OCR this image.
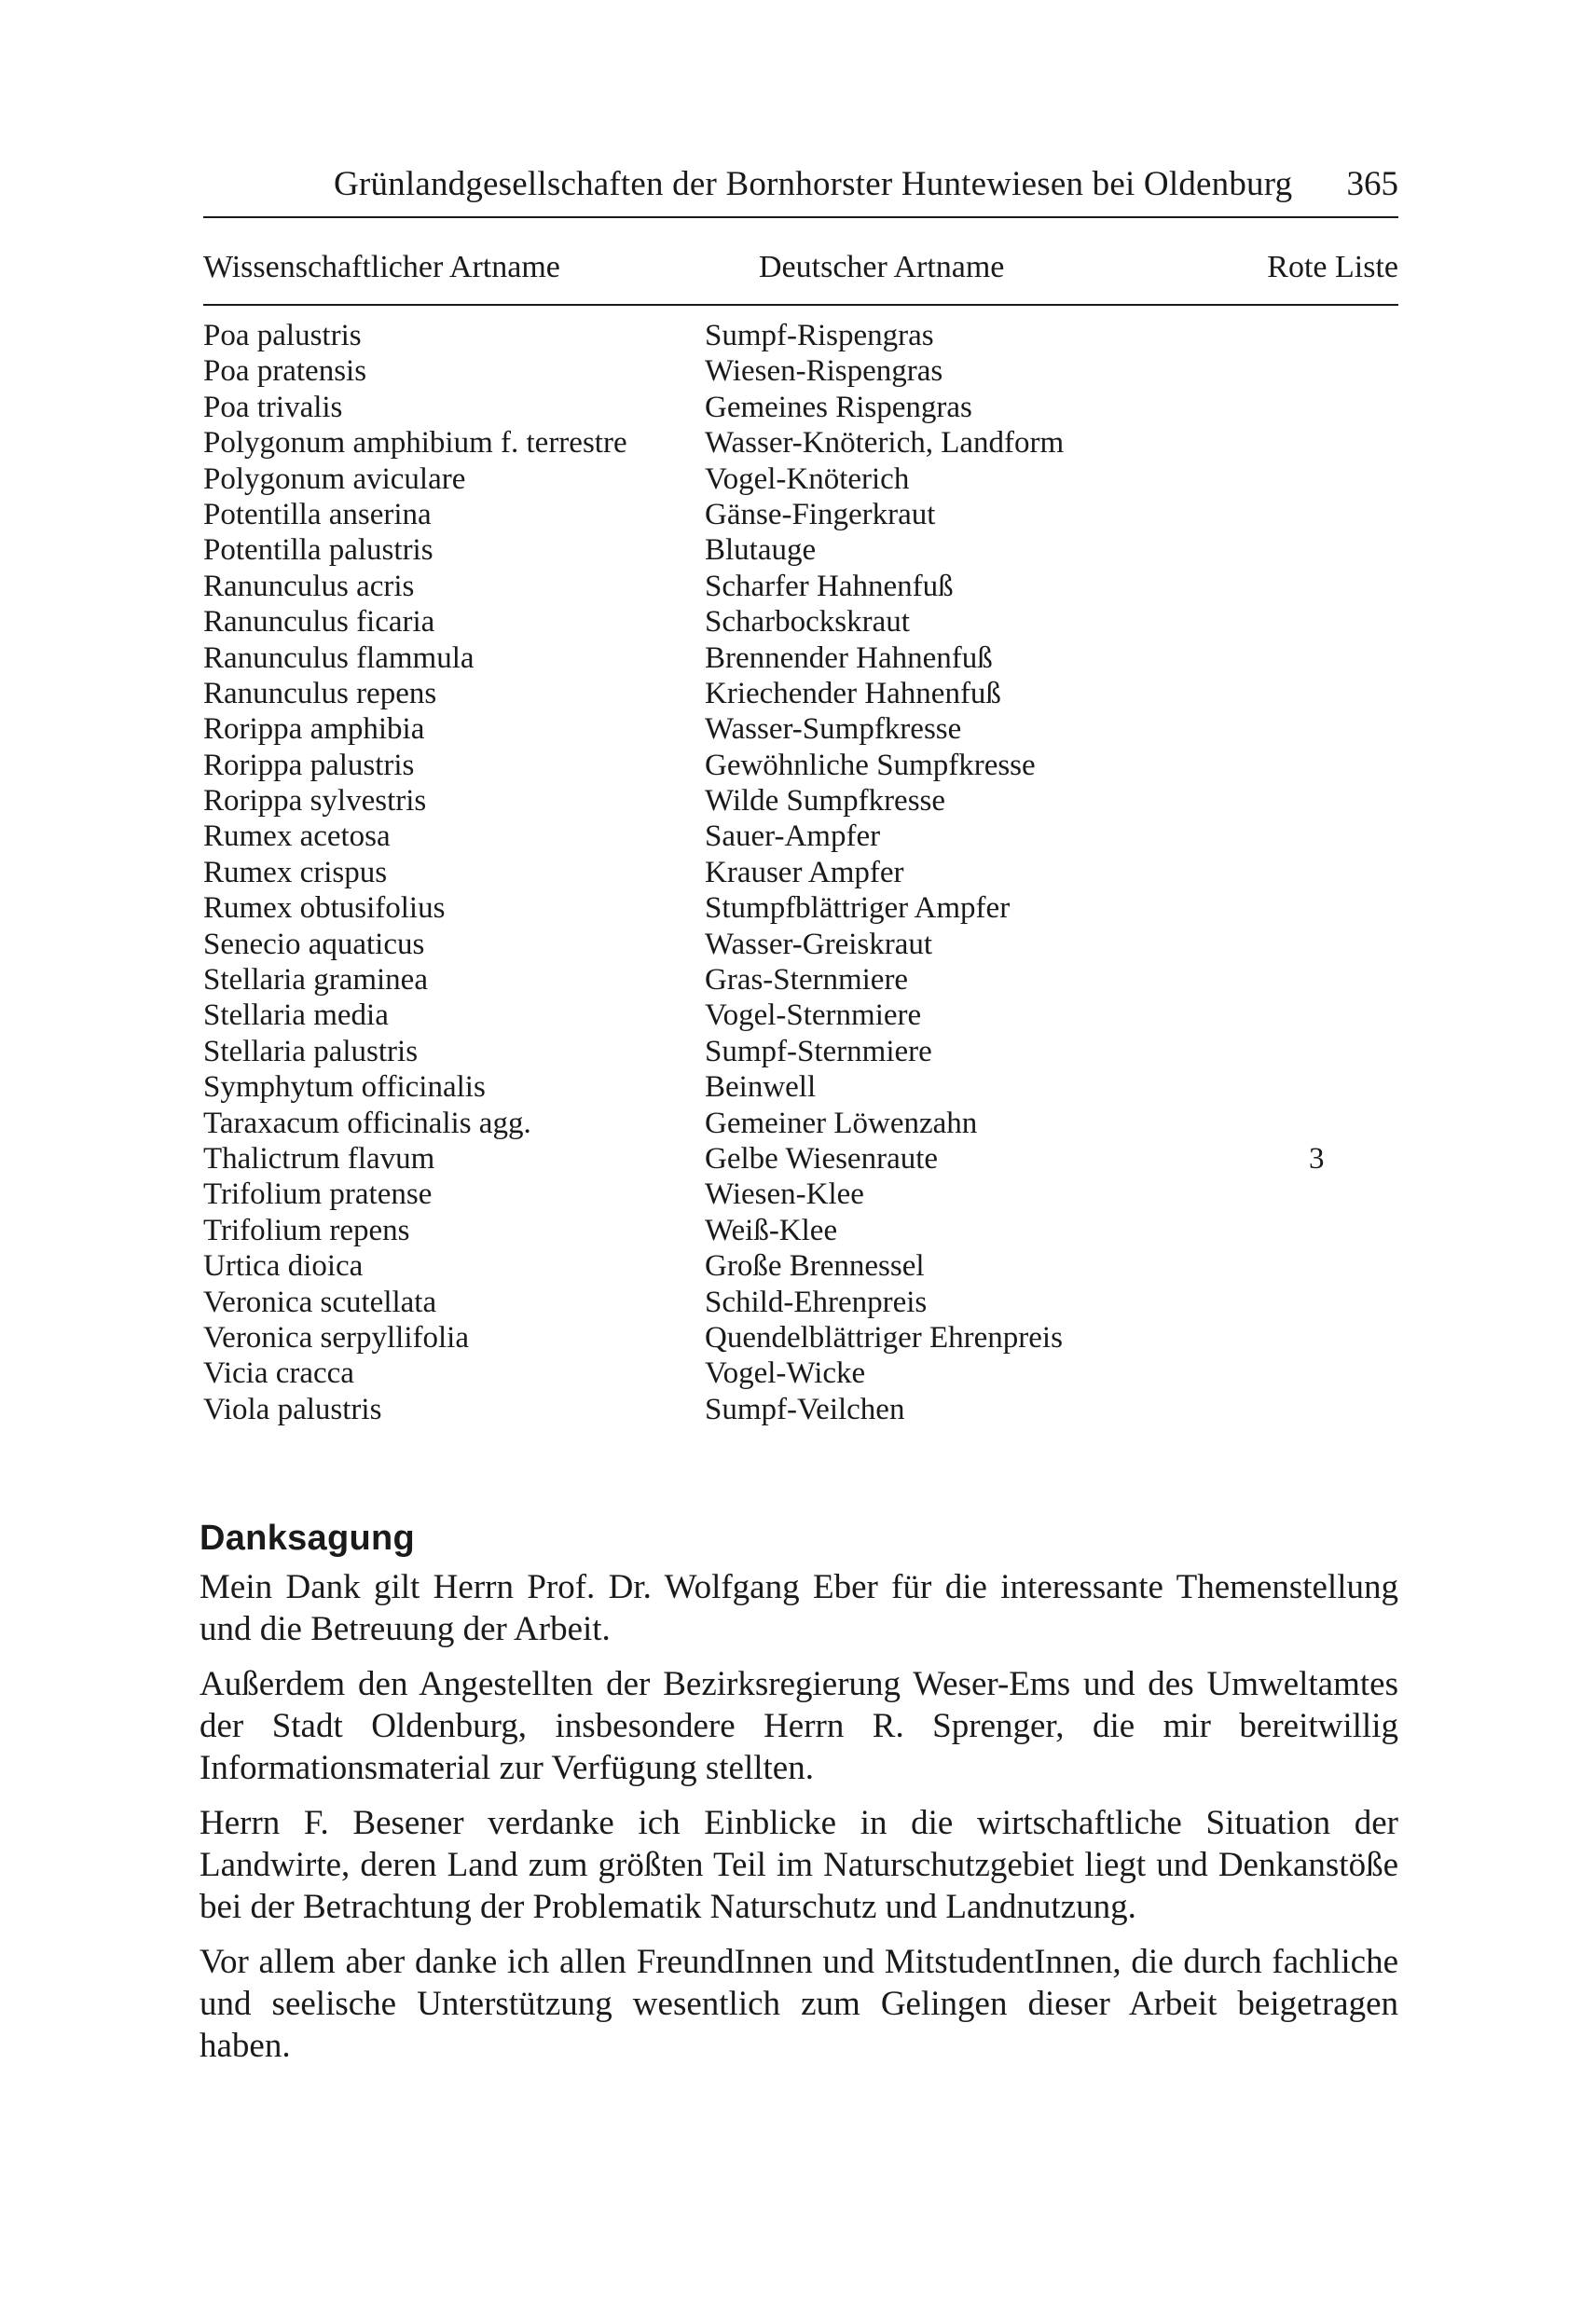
Grünlandgesellschaften der Bornhorster Huntewiesen bei Oldenburg 365
Wissenschaftlicher Artname	Deutscher Artname	Rote Liste
Poa palustris	Sumpf-Rispengras
Poa pratensis	Wiesen-Rispengras
Poa trivalis	Gemeines Rispengras
Polygonum amphibium f. terrestre	Wasser-Knöterich, Landform
Polygonum aviculare	Vogel-Knöterich
Potentilla anserina	Gänse-Fingerkraut
Potentilla palustris	Blutauge
Ranunculus acris	Scharfer Hahnenfuß
Ranunculus ficaria	Scharbockskraut
Ranunculus flammula	Brennender Hahnenfuß
Ranunculus repens	Kriechender Hahnenfuß
Rorippa amphibia	Wasser-Sumpfkresse
Rorippa palustris	Gewöhnliche Sumpfkresse
Rorippa sylvestris	Wilde Sumpfkresse
Rumex acetosa	Sauer-Ampfer
Rumex crispus	Krauser Ampfer
Rumex obtusifolius	Stumpfblättriger Ampfer
Senecio aquaticus	Wasser-Greiskraut
Stellaria graminea	Gras-Sternmiere
Stellaria media	Vogel-Sternmiere
Stellaria palustris	Sumpf-Sternmiere
Symphytum officinalis	Beinwell
Taraxacum officinalis agg.	Gemeiner Löwenzahn
Thalictrum flavum	Gelbe Wiesenraute	3
Trifolium pratense	Wiesen-Klee
Trifolium repens	Weiß-Klee
Urtica dioica	Große Brennessel
Veronica scutellata	Schild-Ehrenpreis
Veronica serpyllifolia	Quendelblättriger Ehrenpreis
Vicia cracca	Vogel-Wicke
Viola palustris	Sumpf-Veilchen
Danksagung

Mein Dank gilt Herrn Prof. Dr. Wolfgang Eber für die interessante Themenstellung und die Betreuung der Arbeit.

Außerdem den Angestellten der Bezirksregierung Weser-Ems und des Umweltamtes der Stadt Oldenburg, insbesondere Herrn R. Sprenger, die mir bereitwillig Informationsmaterial zur Verfügung stellten.

Herrn F. Besener verdanke ich Einblicke in die wirtschaftliche Situation der Landwirte, deren Land zum größten Teil im Naturschutzgebiet liegt und Denkanstöße bei der Betrachtung der Problematik Naturschutz und Landnutzung.

Vor allem aber danke ich allen FreundInnen und MitstudentInnen, die durch fachliche und seelische Unterstützung wesentlich zum Gelingen dieser Arbeit beigetragen haben.
